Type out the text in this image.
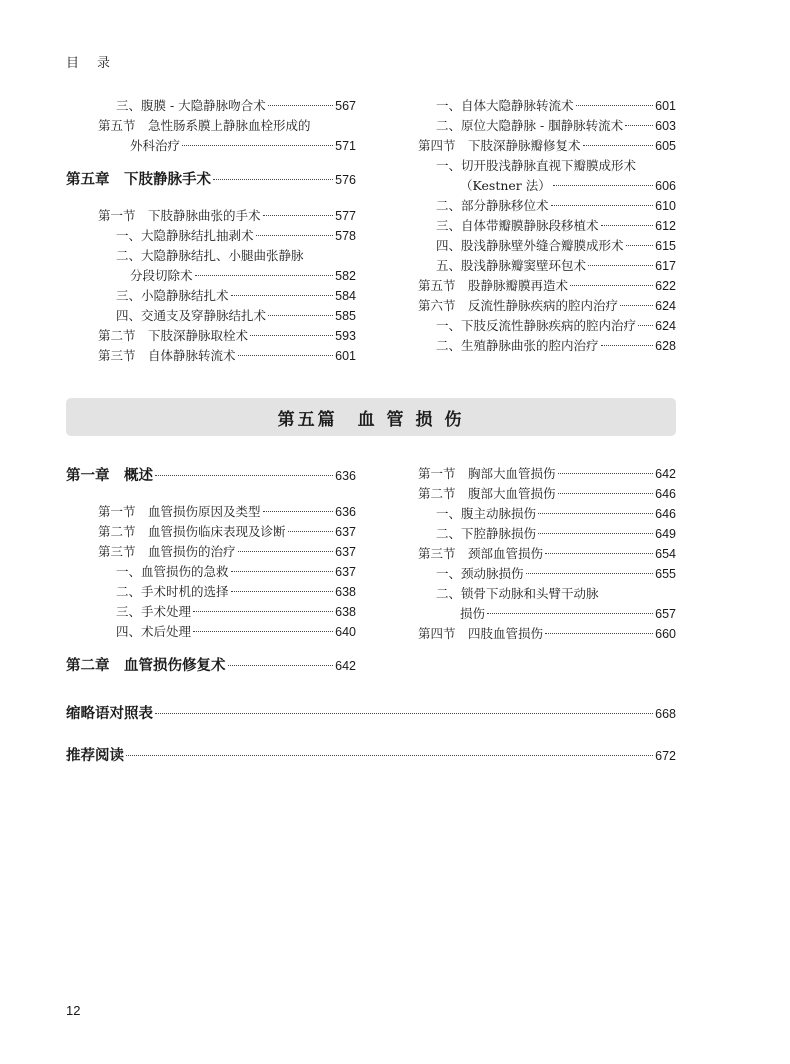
目录
三、腹膜 - 大隐静脉吻合术	567
第五节　急性肠系膜上静脉血栓形成的
外科治疗	571
第五章　下肢静脉手术	576
第一节　下肢静脉曲张的手术	577
一、大隐静脉结扎抽剥术	578
二、大隐静脉结扎、小腿曲张静脉
分段切除术	582
三、小隐静脉结扎术	584
四、交通支及穿静脉结扎术	585
第二节　下肢深静脉取栓术	593
第三节　自体静脉转流术	601
一、自体大隐静脉转流术	601
二、原位大隐静脉 - 腘静脉转流术	603
第四节　下肢深静脉瓣修复术	605
一、切开股浅静脉直视下瓣膜成形术
（Kestner 法）	606
二、部分静脉移位术	610
三、自体带瓣膜静脉段移植术	612
四、股浅静脉壁外缝合瓣膜成形术	615
五、股浅静脉瓣窦壁环包术	617
第五节　股静脉瓣膜再造术	622
第六节　反流性静脉疾病的腔内治疗	624
一、下肢反流性静脉疾病的腔内治疗 624
二、生殖静脉曲张的腔内治疗	628
第五篇　血 管 损 伤
第一章　概述	636
第一节　血管损伤原因及类型	636
第二节　血管损伤临床表现及诊断	637
第三节　血管损伤的治疗	637
一、血管损伤的急救	637
二、手术时机的选择	638
三、手术处理	638
四、术后处理	640
第二章　血管损伤修复术	642
第一节　胸部大血管损伤	642
第二节　腹部大血管损伤	646
一、腹主动脉损伤	646
二、下腔静脉损伤	649
第三节　颈部血管损伤	654
一、颈动脉损伤	655
二、锁骨下动脉和头臂干动脉
损伤	657
第四节　四肢血管损伤	660
缩略语对照表	668
推荐阅读	672
12
